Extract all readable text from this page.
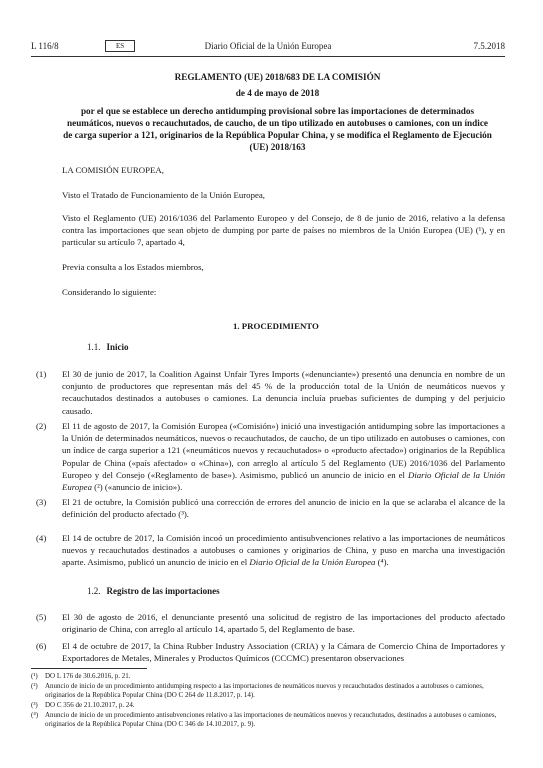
L 116/8	Diario Oficial de la Unión Europea
ES	7.5.2018
REGLAMENTO (UE) 2018/683 DE LA COMISIÓN
de 4 de mayo de 2018
por el que se establece un derecho antidumping provisional sobre las importaciones de determinados neumáticos, nuevos o recauchutados, de caucho, de un tipo utilizado en autobuses o camiones, con un índice de carga superior a 121, originarios de la República Popular China, y se modifica el Reglamento de Ejecución (UE) 2018/163
LA COMISIÓN EUROPEA,
Visto el Tratado de Funcionamiento de la Unión Europea,
Visto el Reglamento (UE) 2016/1036 del Parlamento Europeo y del Consejo, de 8 de junio de 2016, relativo a la defensa contra las importaciones que sean objeto de dumping por parte de países no miembros de la Unión Europea (UE) (¹), y en particular su artículo 7, apartado 4,
Previa consulta a los Estados miembros,
Considerando lo siguiente:
1. PROCEDIMIENTO
1.1. Inicio
(1) El 30 de junio de 2017, la Coalition Against Unfair Tyres Imports («denunciante») presentó una denuncia en nombre de un conjunto de productores que representan más del 45 % de la producción total de la Unión de neumáticos nuevos y recauchutados destinados a autobuses o camiones. La denuncia incluía pruebas suficientes de dumping y del perjuicio causado.
(2) El 11 de agosto de 2017, la Comisión Europea («Comisión») inició una investigación antidumping sobre las importaciones a la Unión de determinados neumáticos, nuevos o recauchutados, de caucho, de un tipo utilizado en autobuses o camiones, con un índice de carga superior a 121 («neumáticos nuevos y recauchutados» o «producto afectado») originarios de la República Popular de China («país afectado» o «China»), con arreglo al artículo 5 del Reglamento (UE) 2016/1036 del Parlamento Europeo y del Consejo («Reglamento de base»). Asimismo, publicó un anuncio de inicio en el Diario Oficial de la Unión Europea (²) («anuncio de inicio»).
(3) El 21 de octubre, la Comisión publicó una corrección de errores del anuncio de inicio en la que se aclaraba el alcance de la definición del producto afectado (³).
(4) El 14 de octubre de 2017, la Comisión incoó un procedimiento antisubvenciones relativo a las importaciones de neumáticos nuevos y recauchutados destinados a autobuses o camiones y originarios de China, y puso en marcha una investigación aparte. Asimismo, publicó un anuncio de inicio en el Diario Oficial de la Unión Europea (⁴).
1.2. Registro de las importaciones
(5) El 30 de agosto de 2016, el denunciante presentó una solicitud de registro de las importaciones del producto afectado originario de China, con arreglo al artículo 14, apartado 5, del Reglamento de base.
(6) El 4 de octubre de 2017, la China Rubber Industry Association (CRIA) y la Cámara de Comercio China de Importadores y Exportadores de Metales, Minerales y Productos Químicos (CCCMC) presentaron observaciones
(¹) DO L 176 de 30.6.2016, p. 21.
(²) Anuncio de inicio de un procedimiento antidumping respecto a las importaciones de neumáticos nuevos y recauchutados destinados a autobuses o camiones, originarios de la República Popular China (DO C 264 de 11.8.2017, p. 14).
(³) DO C 356 de 21.10.2017, p. 24.
(⁴) Anuncio de inicio de un procedimiento antisubvenciones relativo a las importaciones de neumáticos nuevos y recauchutados, destinados a autobuses o camiones, originarios de la República Popular China (DO C 346 de 14.10.2017, p. 9).
